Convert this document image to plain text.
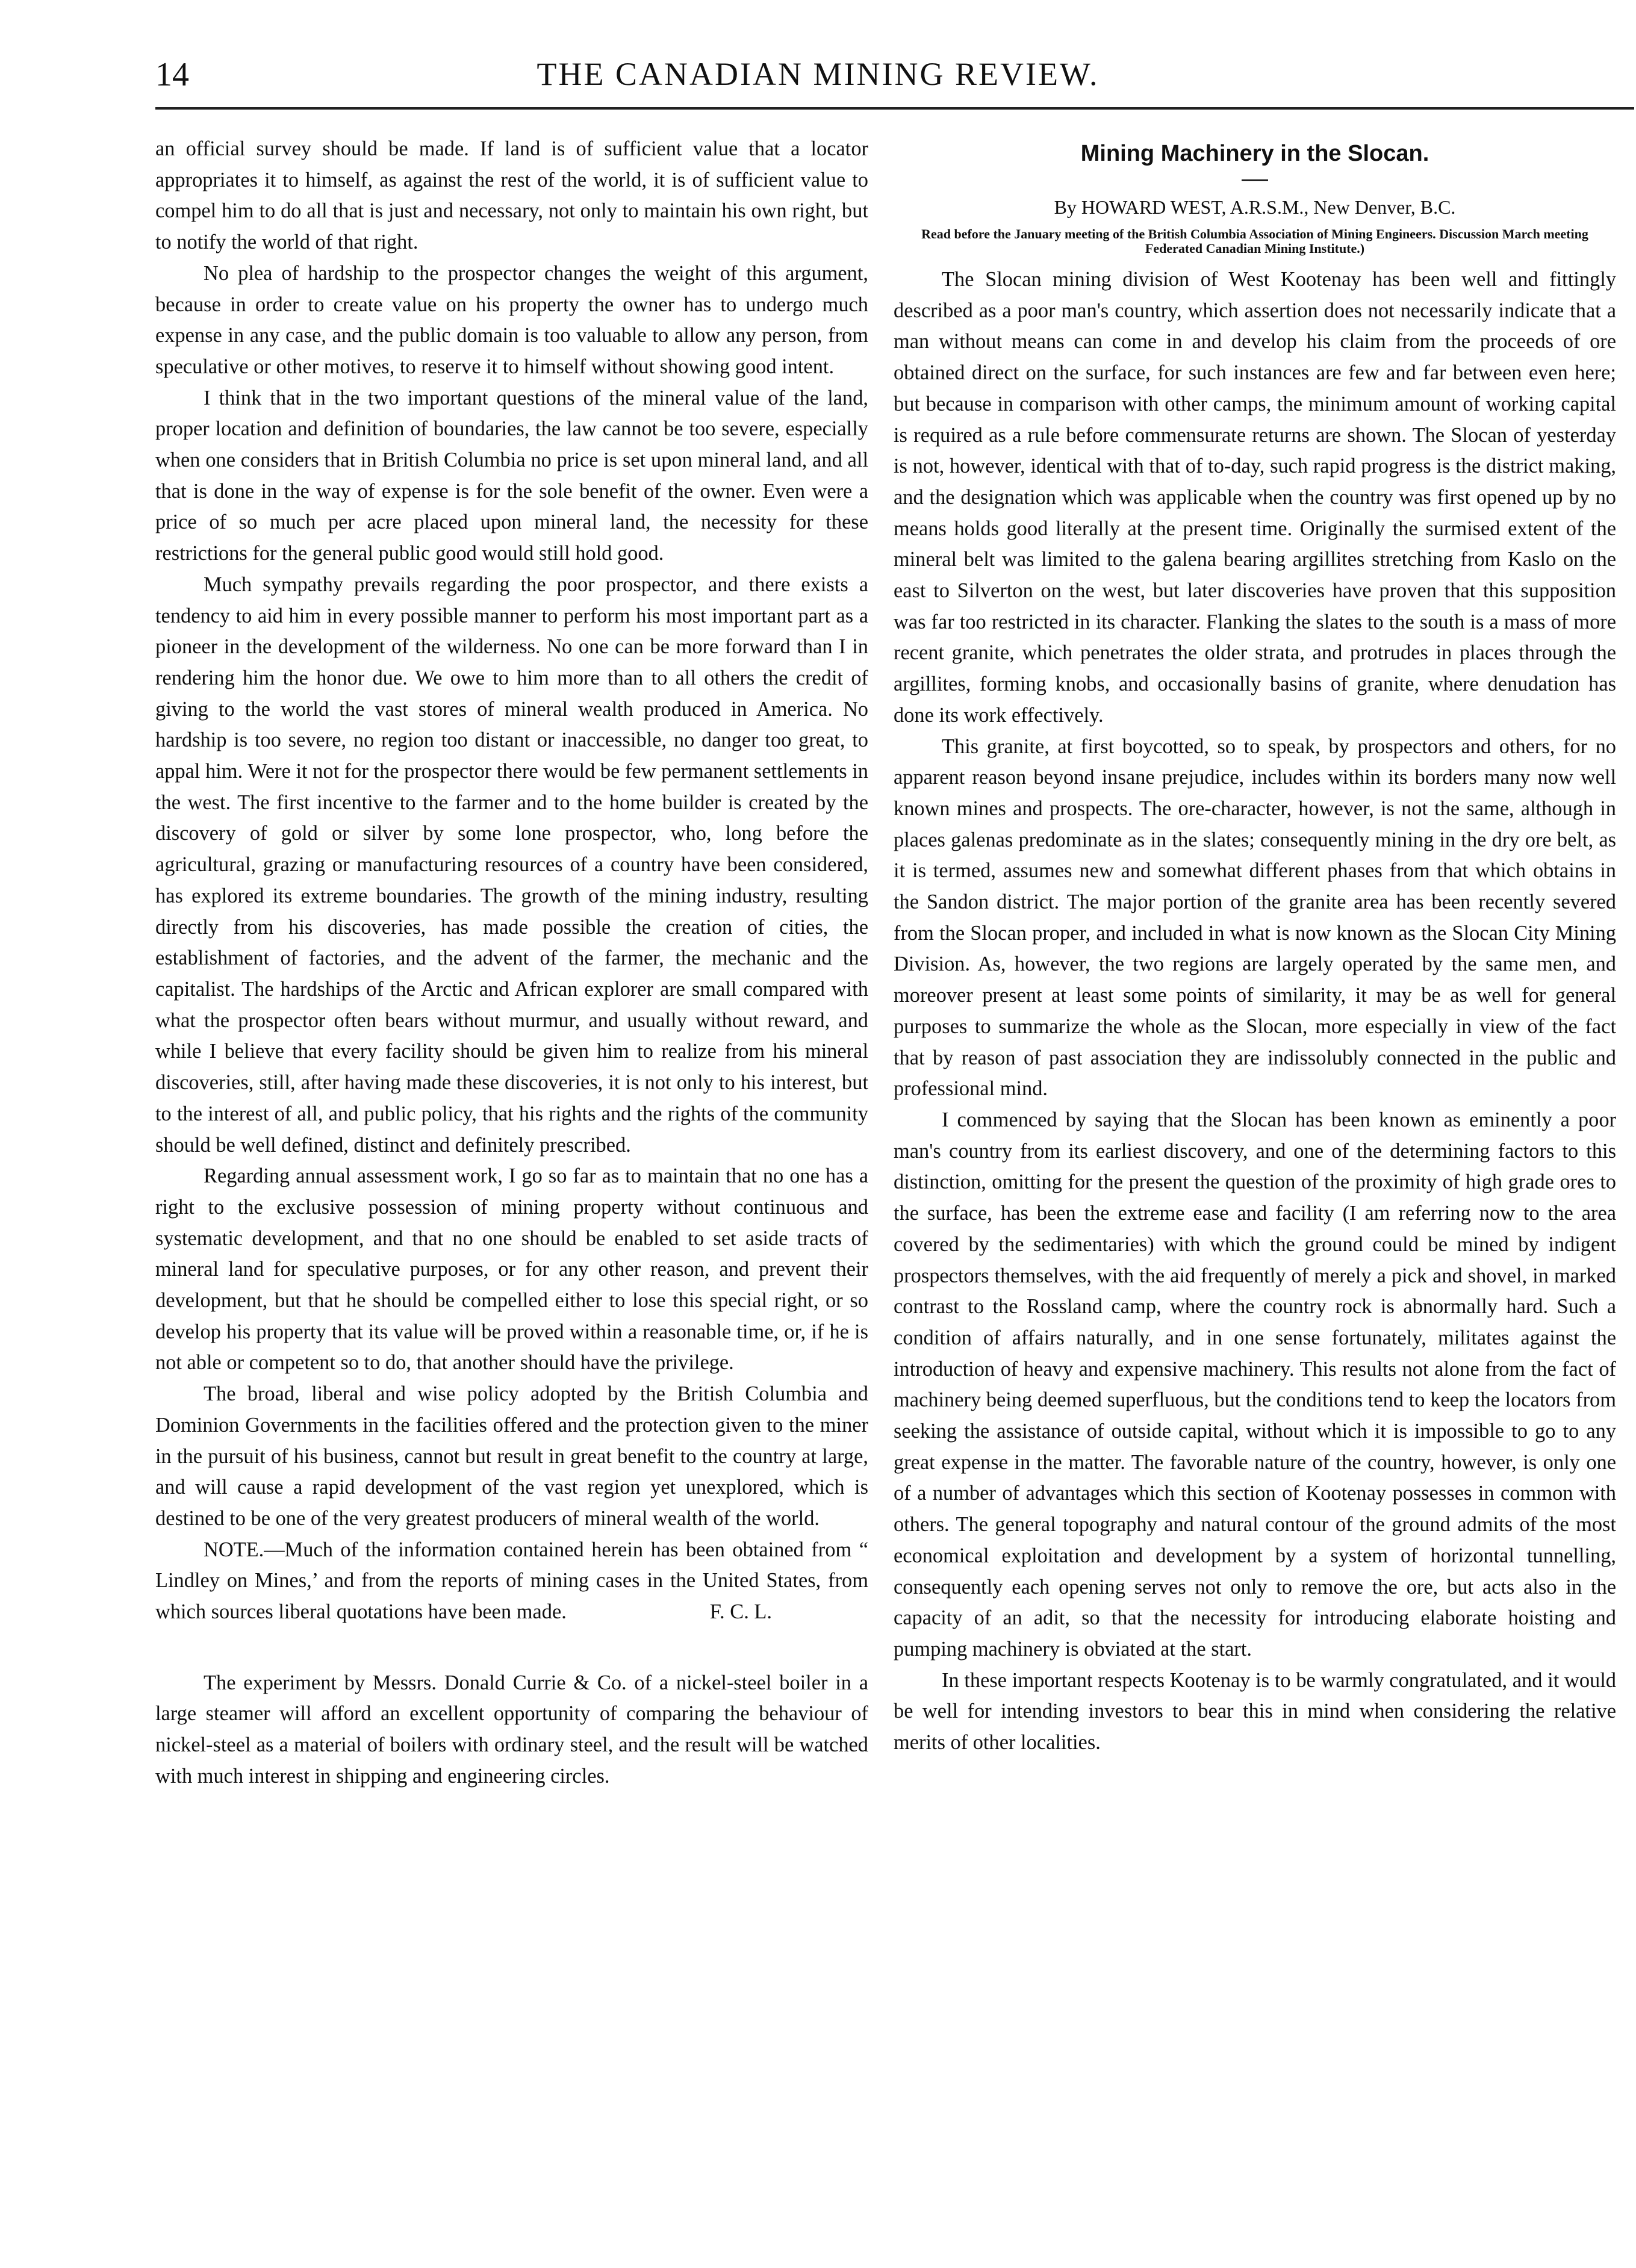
14	THE CANADIAN MINING REVIEW.

an official survey should be made. If land is of sufficient value that a locator appropriates it to himself, as against the rest of the world, it is of sufficient value to compel him to do all that is just and necessary, not only to maintain his own right, but to notify the world of that right.

No plea of hardship to the prospector changes the weight of this argument, because in order to create value on his property the owner has to undergo much expense in any case, and the public domain is too valuable to allow any person, from speculative or other motives, to reserve it to himself without showing good intent.

I think that in the two important questions of the mineral value of the land, proper location and definition of boundaries, the law cannot be too severe, especially when one considers that in British Columbia no price is set upon mineral land, and all that is done in the way of expense is for the sole benefit of the owner. Even were a price of so much per acre placed upon mineral land, the necessity for these restrictions for the general public good would still hold good.

Much sympathy prevails regarding the poor prospector, and there exists a tendency to aid him in every possible manner to perform his most important part as a pioneer in the development of the wilderness. No one can be more forward than I in rendering him the honor due. We owe to him more than to all others the credit of giving to the world the vast stores of mineral wealth produced in America. No hardship is too severe, no region too distant or inaccessible, no danger too great, to appal him. Were it not for the prospector there would be few permanent settlements in the west. The first incentive to the farmer and to the home builder is created by the discovery of gold or silver by some lone prospector, who, long before the agricultural, grazing or manufacturing resources of a country have been considered, has explored its extreme boundaries. The growth of the mining industry, resulting directly from his discoveries, has made possible the creation of cities, the establishment of factories, and the advent of the farmer, the mechanic and the capitalist. The hardships of the Arctic and African explorer are small compared with what the prospector often bears without murmur, and usually without reward, and while I believe that every facility should be given him to realize from his mineral discoveries, still, after having made these discoveries, it is not only to his interest, but to the interest of all, and public policy, that his rights and the rights of the community should be well defined, distinct and definitely prescribed.

Regarding annual assessment work, I go so far as to maintain that no one has a right to the exclusive possession of mining property without continuous and systematic development, and that no one should be enabled to set aside tracts of mineral land for speculative purposes, or for any other reason, and prevent their development, but that he should be compelled either to lose this special right, or so develop his property that its value will be proved within a reasonable time, or, if he is not able or competent so to do, that another should have the privilege.

The broad, liberal and wise policy adopted by the British Columbia and Dominion Governments in the facilities offered and the protection given to the miner in the pursuit of his business, cannot but result in great benefit to the country at large, and will cause a rapid development of the vast region yet unexplored, which is destined to be one of the very greatest producers of mineral wealth of the world.

NOTE.—Much of the information contained herein has been obtained from “ Lindley on Mines,’ and from the reports of mining cases in the United States, from which sources liberal quotations have been made.	F. C. L.

The experiment by Messrs. Donald Currie & Co. of a nickel-steel boiler in a large steamer will afford an excellent opportunity of comparing the behaviour of nickel-steel as a material of boilers with ordinary steel, and the result will be watched with much interest in shipping and engineering circles.

Mining Machinery in the Slocan.
By HOWARD WEST, A.R.S.M., New Denver, B.C.
Read before the January meeting of the British Columbia Association of Mining Engineers. Discussion March meeting Federated Canadian Mining Institute.)

The Slocan mining division of West Kootenay has been well and fittingly described as a poor man's country, which assertion does not necessarily indicate that a man without means can come in and develop his claim from the proceeds of ore obtained direct on the surface, for such instances are few and far between even here; but because in comparison with other camps, the minimum amount of working capital is required as a rule before commensurate returns are shown. The Slocan of yesterday is not, however, identical with that of to-day, such rapid progress is the district making, and the designation which was applicable when the country was first opened up by no means holds good literally at the present time. Originally the surmised extent of the mineral belt was limited to the galena bearing argillites stretching from Kaslo on the east to Silverton on the west, but later discoveries have proven that this supposition was far too restricted in its character. Flanking the slates to the south is a mass of more recent granite, which penetrates the older strata, and protrudes in places through the argillites, forming knobs, and occasionally basins of granite, where denudation has done its work effectively.

This granite, at first boycotted, so to speak, by prospectors and others, for no apparent reason beyond insane prejudice, includes within its borders many now well known mines and prospects. The ore-character, however, is not the same, although in places galenas predominate as in the slates; consequently mining in the dry ore belt, as it is termed, assumes new and somewhat different phases from that which obtains in the Sandon district. The major portion of the granite area has been recently severed from the Slocan proper, and included in what is now known as the Slocan City Mining Division. As, however, the two regions are largely operated by the same men, and moreover present at least some points of similarity, it may be as well for general purposes to summarize the whole as the Slocan, more especially in view of the fact that by reason of past association they are indissolubly connected in the public and professional mind.

I commenced by saying that the Slocan has been known as eminently a poor man's country from its earliest discovery, and one of the determining factors to this distinction, omitting for the present the question of the proximity of high grade ores to the surface, has been the extreme ease and facility (I am referring now to the area covered by the sedimentaries) with which the ground could be mined by indigent prospectors themselves, with the aid frequently of merely a pick and shovel, in marked contrast to the Rossland camp, where the country rock is abnormally hard. Such a condition of affairs naturally, and in one sense fortunately, militates against the introduction of heavy and expensive machinery. This results not alone from the fact of machinery being deemed superfluous, but the conditions tend to keep the locators from seeking the assistance of outside capital, without which it is impossible to go to any great expense in the matter. The favorable nature of the country, however, is only one of a number of advantages which this section of Kootenay possesses in common with others. The general topography and natural contour of the ground admits of the most economical exploitation and development by a system of horizontal tunnelling, consequently each opening serves not only to remove the ore, but acts also in the capacity of an adit, so that the necessity for introducing elaborate hoisting and pumping machinery is obviated at the start.

In these important respects Kootenay is to be warmly congratulated, and it would be well for intending investors to bear this in mind when considering the relative merits of other localities.
